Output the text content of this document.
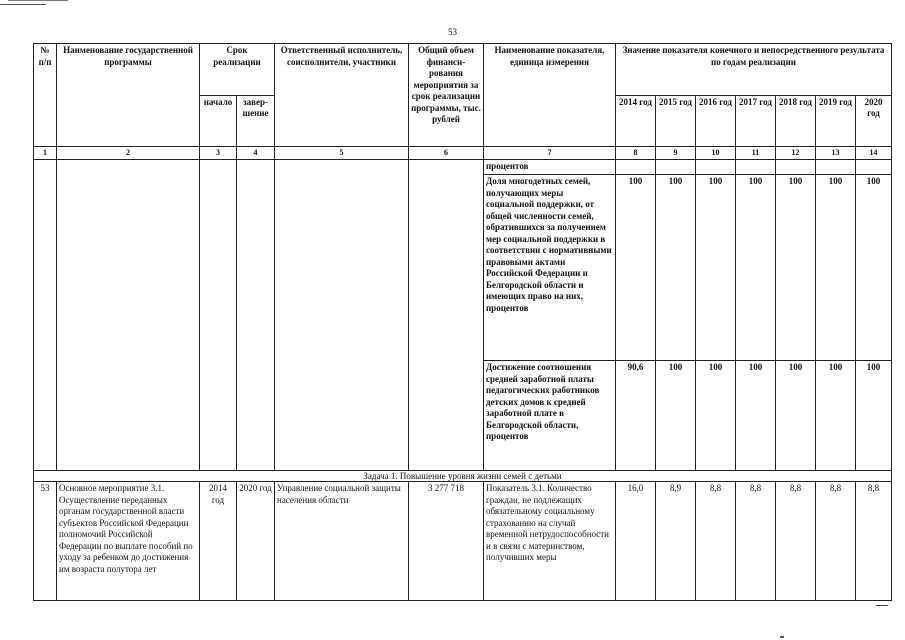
53
№ п/п	Наименование государственной программы	Срок реализации		Ответственный исполнитель, соисполнители, участники	Общий объем финанси- рования мероприятия за срок реализации программы, тыс. рублей	Наименование показателя, единица измерения	Значение показателя конечного и непосредственного результата по годам реализации						
		начало	завер- шение				2014 год	2015 год	2016 год	2017 год	2018 год	2019 год	2020 год
1	2	3	4	5	6	7	8	9	10	11	12	13	14
						процентов							
						Доля многодетных семей, получающих меры социальной поддержки, от общей численности семей, обратившихся за получением мер социальной поддержки в соответствии с нормативными правовыми актами Российской Федерации и Белгородской области и имеющих право на них, процентов	100	100	100	100	100	100	100
						Достижение соотношения средней заработной платы педагогических работников детских домов к средней заработной плате в Белгородской области, процентов	90,6	100	100	100	100	100	100
Задача 1. Повышение уровня жизни семей с детьми													
53	Основное мероприятие 3.1. Осуществление переданных органам государственной власти субъектов Российской Федерации полномочий Российской Федерации по выплате пособий по уходу за ребенком до достижения им возраста полутора лет	2014 год	2020 год	Управление социальной защиты населения области	3 277 718	Показатель 3.1. Количество граждан, не подлежащих обязательному социальному страхованию на случай временной нетрудоспособности и в связи с материнством, получивших меры	16,0	8,9	8,8	8,8	8,8	8,8	8,8
